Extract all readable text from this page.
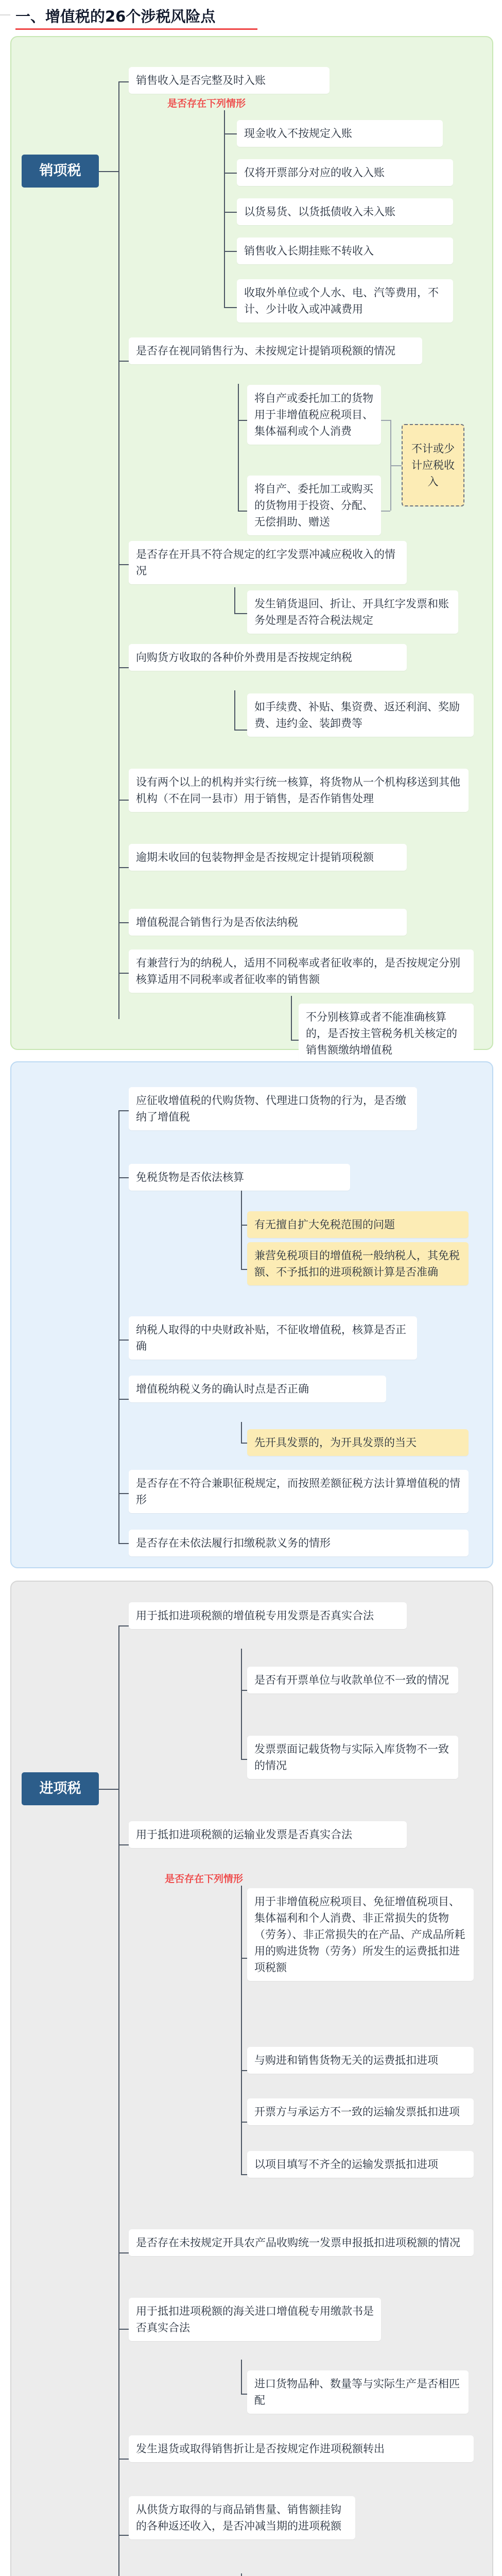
一、增值税的26个涉税风险点
销项税
销售收入是否完整及时入账
是否存在下列情形
现金收入不按规定入账
仅将开票部分对应的收入入账
以货易货、以货抵债收入未入账
销售收入长期挂账不转收入
收取外单位或个人水、电、汽等费用，不计、少计收入或冲减费用
是否存在视同销售行为、未按规定计提销项税额的情况
将自产或委托加工的货物用于非增值税应税项目、集体福利或个人消费
将自产、委托加工或购买的货物用于投资、分配、无偿捐助、赠送
不计或少计应税收入
是否存在开具不符合规定的红字发票冲减应税收入的情况
发生销货退回、折让、开具红字发票和账务处理是否符合税法规定
向购货方收取的各种价外费用是否按规定纳税
如手续费、补贴、集资费、返还利润、奖励费、违约金、装卸费等
设有两个以上的机构并实行统一核算，将货物从一个机构移送到其他机构（不在同一县市）用于销售，是否作销售处理
逾期未收回的包装物押金是否按规定计提销项税额
增值税混合销售行为是否依法纳税
有兼营行为的纳税人，适用不同税率或者征收率的，是否按规定分别核算适用不同税率或者征收率的销售额
不分别核算或者不能准确核算的，是否按主管税务机关核定的销售额缴纳增值税
应征收增值税的代购货物、代理进口货物的行为，是否缴纳了增值税
免税货物是否依法核算
有无擅自扩大免税范围的问题
兼营免税项目的增值税一般纳税人，其免税额、不予抵扣的进项税额计算是否准确
纳税人取得的中央财政补贴，不征收增值税，核算是否正确
增值税纳税义务的确认时点是否正确
先开具发票的，为开具发票的当天
是否存在不符合兼职征税规定，而按照差额征税方法计算增值税的情形
是否存在未依法履行扣缴税款义务的情形
进项税
用于抵扣进项税额的增值税专用发票是否真实合法
是否有开票单位与收款单位不一致的情况
发票票面记载货物与实际入库货物不一致的情况
用于抵扣进项税额的运输业发票是否真实合法
是否存在下列情形
用于非增值税应税项目、免征增值税项目、集体福利和个人消费、非正常损失的货物（劳务）、非正常损失的在产品、产成品所耗用的购进货物（劳务）所发生的运费抵扣进项税额
与购进和销售货物无关的运费抵扣进项
开票方与承运方不一致的运输发票抵扣进项
以项目填写不齐全的运输发票抵扣进项
是否存在未按规定开具农产品收购统一发票申报抵扣进项税额的情况
用于抵扣进项税额的海关进口增值税专用缴款书是否真实合法
进口货物品种、数量等与实际生产是否相匹配
发生退货或取得销售折让是否按规定作进项税额转出
从供货方取得的与商品销售量、销售额挂钩的各种返还收入，是否冲减当期的进项税额
